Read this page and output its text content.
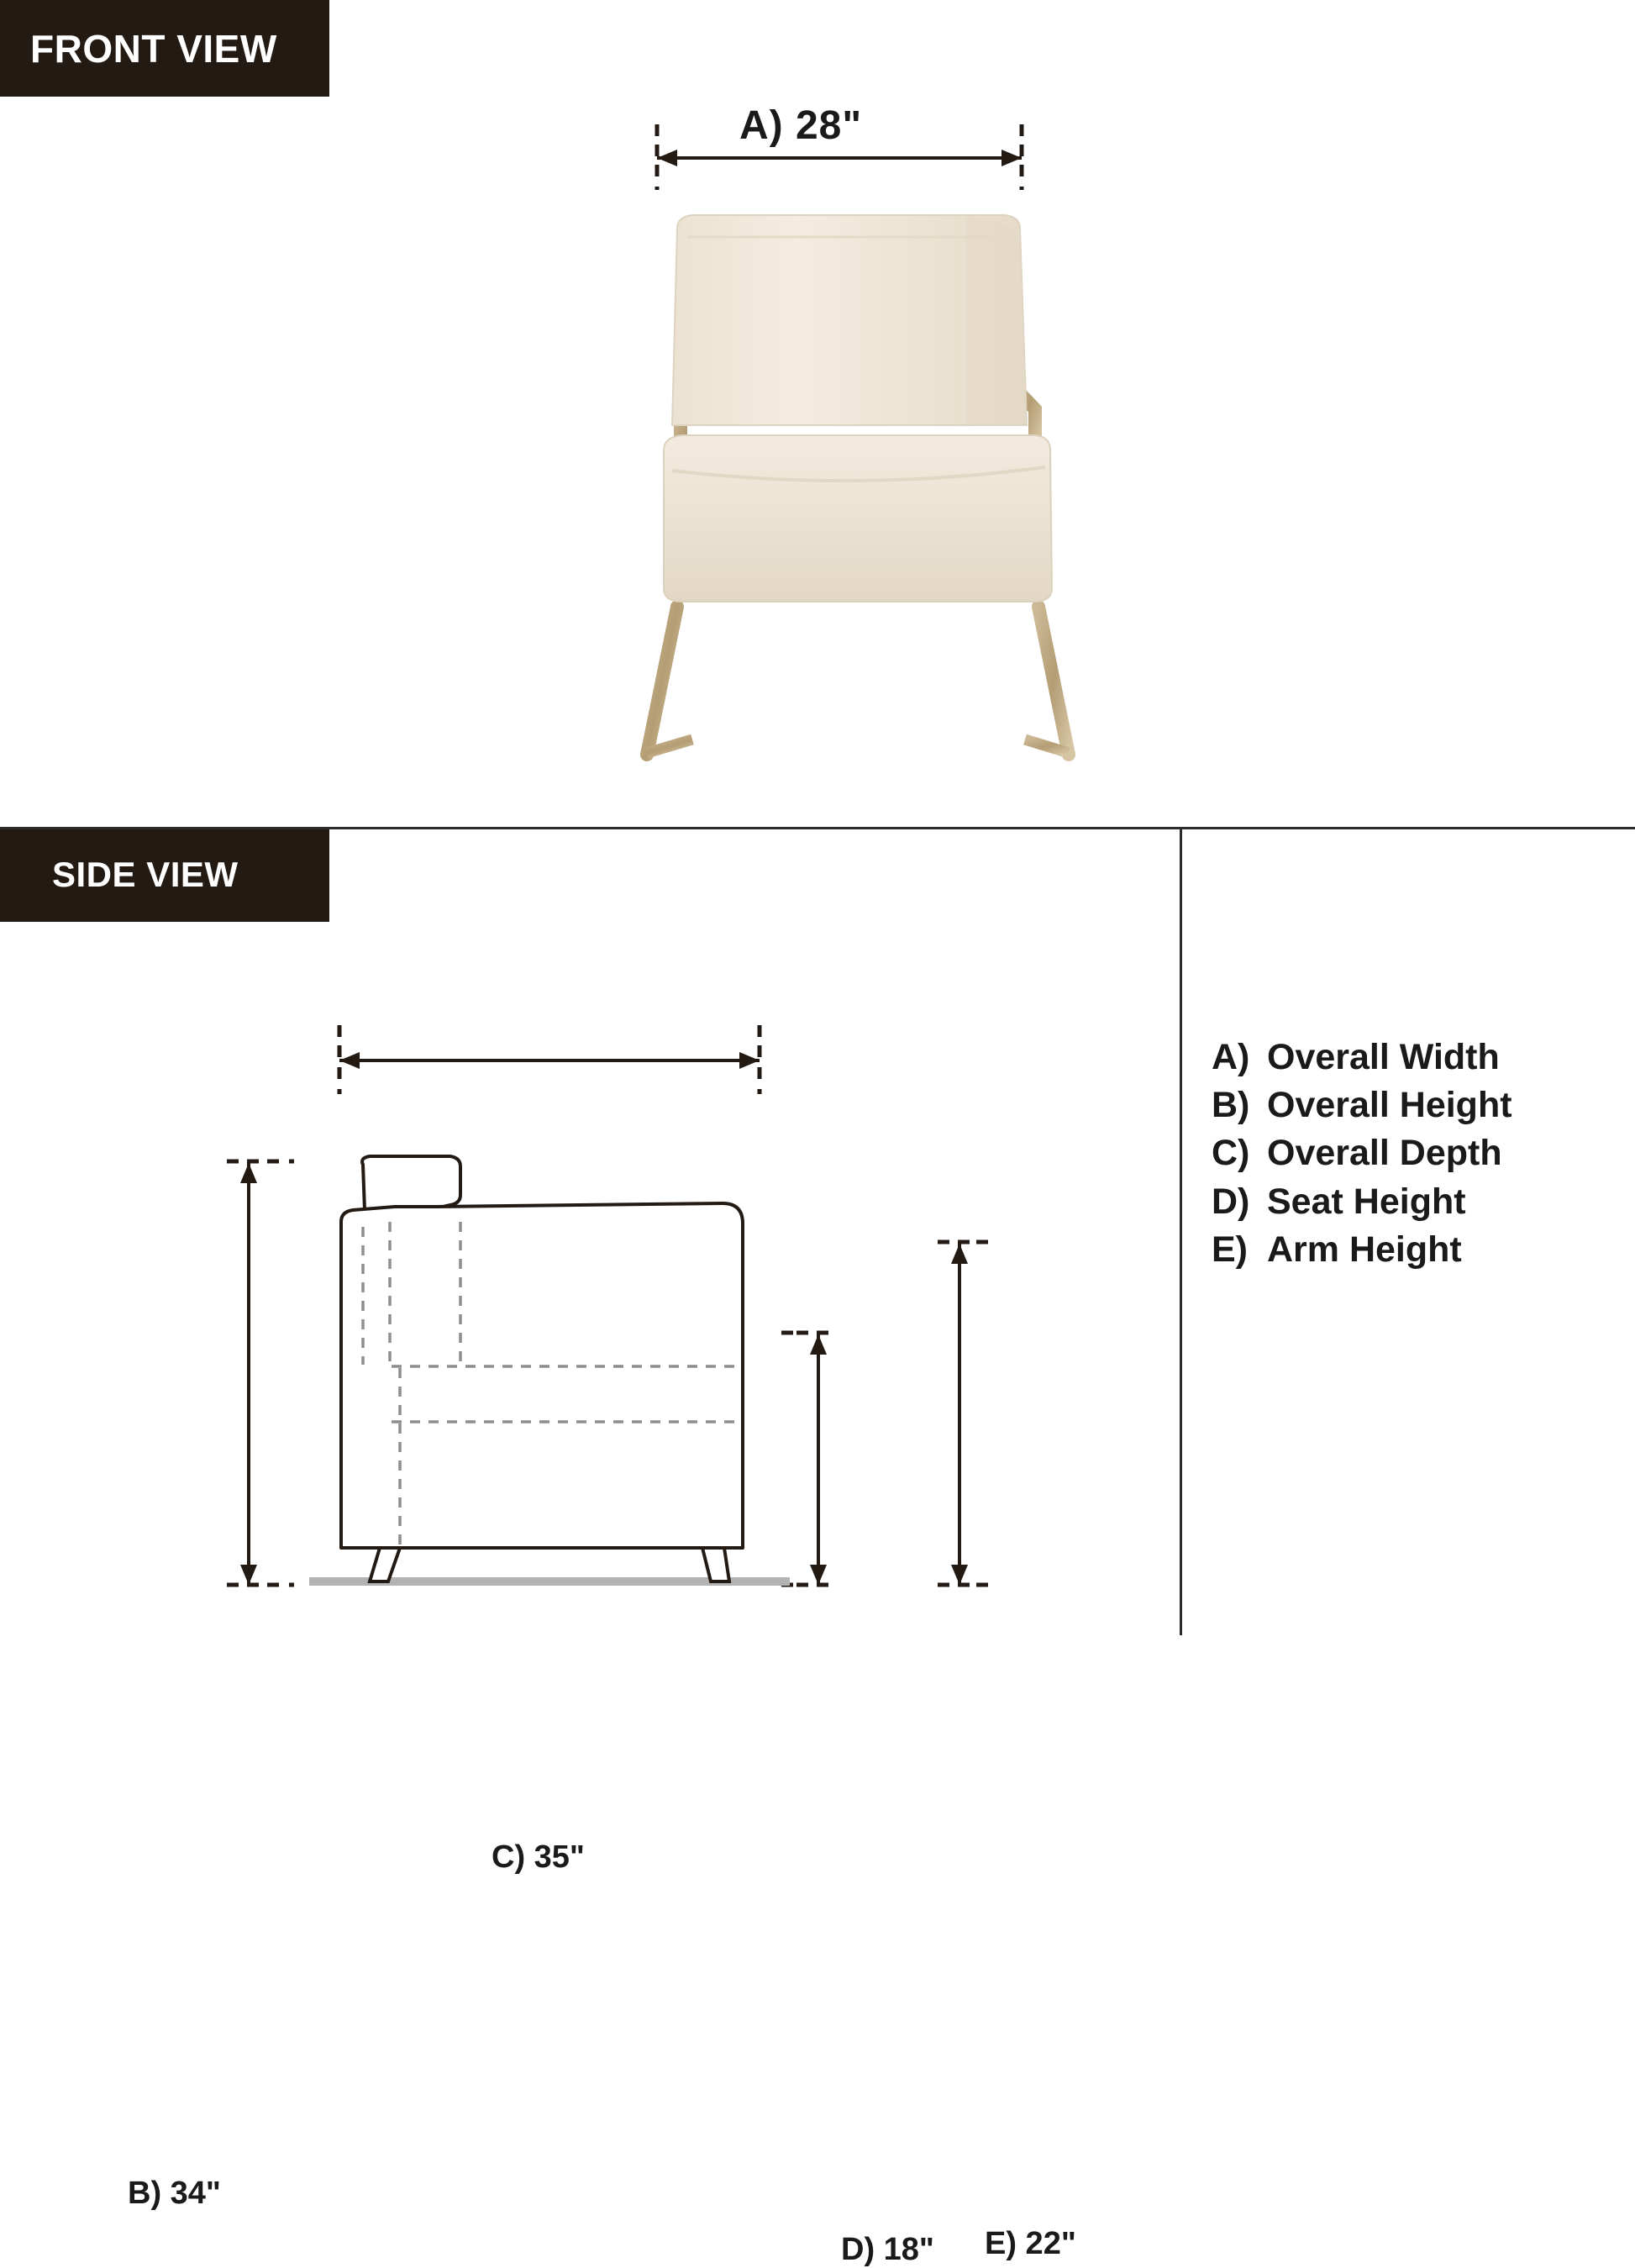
A) 28"
C) 35"
B) 34"
D) 18" E) 22"
FRONT VIEW
SIDE VIEW
A) Overall Width
B) Overall Height
C) Overall Depth
D) Seat Height
E) Arm Height
